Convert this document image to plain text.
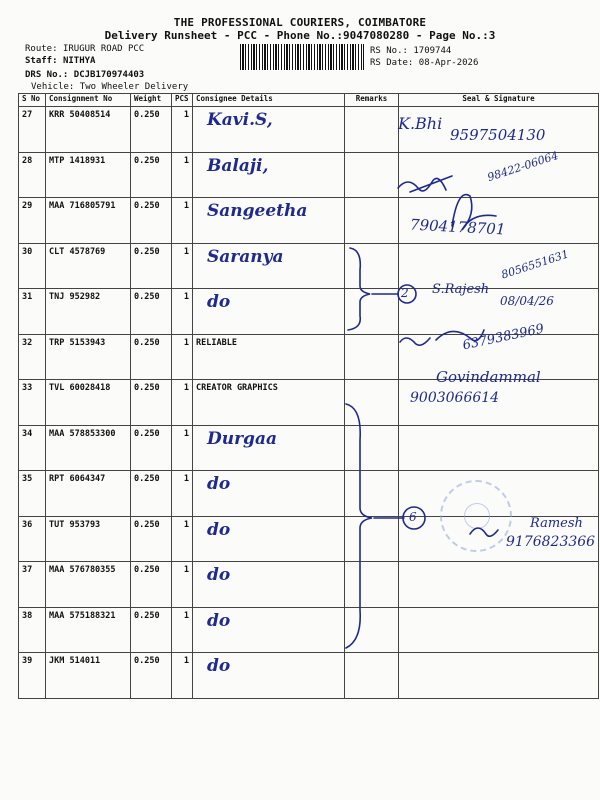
THE PROFESSIONAL COURIERS, COIMBATORE
Delivery Runsheet - PCC - Phone No.:9047080280 - Page No.:3
Route: IRUGUR ROAD PCC
Staff: NITHYA
DRS No.: DCJB170974403
Vehicle: Two Wheeler Delivery
RS No.: 1709744
RS Date: 08-Apr-2026
S No	Consignment No	Weight	PCS	Consignee Details	Remarks	Seal & Signature
27	KRR 50408514	0.250	1	Kavi.S,		
28	MTP 1418931	0.250	1	Balaji,		
29	MAA 716805791	0.250	1	Sangeetha		
30	CLT 4578769	0.250	1	Saranya		
31	TNJ 952982	0.250	1	do		
32	TRP 5153943	0.250	1	RELIABLE		
33	TVL 60028418	0.250	1	CREATOR GRAPHICS		
34	MAA 578853300	0.250	1	Durgaa		
35	RPT 6064347	0.250	1	do		
36	TUT 953793	0.250	1	do		
37	MAA 576780355	0.250	1	do		
38	MAA 575188321	0.250	1	do		
39	JKM 514011	0.250	1	do		
K.Bhi
9597504130
98422-06064
7904178701
8056551631
S.Rajesh
08/04/26
2
6379383969
Govindammal
9003066614
6	Ramesh
9176823366
